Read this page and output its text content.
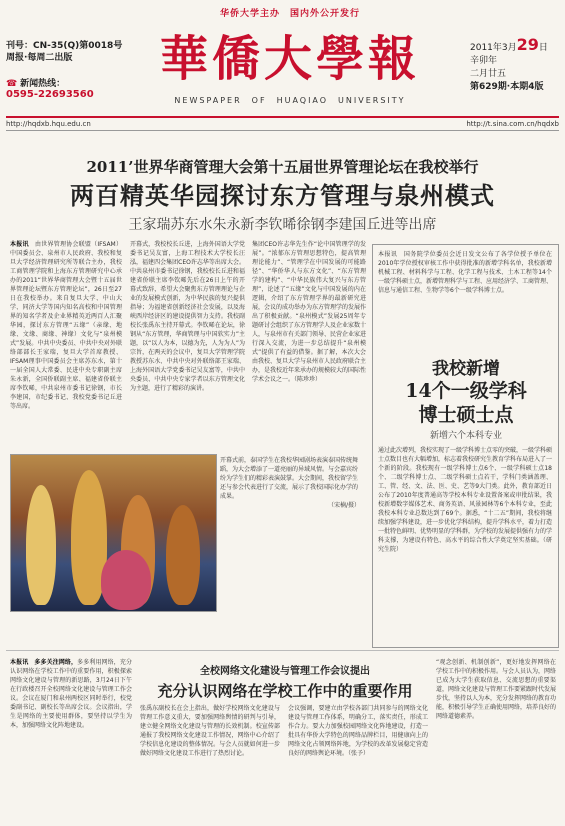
华侨大学主办　国内外公开发行
刊号：CN-35(Q)第0018号
周报·每周二出版
☎ 新闻热线：
0595-22693560
華僑大學報
NEWSPAPER　OF　HUAQIAO　UNIVERSITY
2011年3月29日
辛卯年
二月廿五
第629期·本期4版
http://hqdxb.hqu.edu.cn	http://t.sina.com.cn/hqdxb
2011’世界华商管理大会第十五届世界管理论坛在我校举行
两百精英华园探讨东方管理与泉州模式
王家瑞苏东水朱永新李钦晞徐钢李建国丘进等出席
本报讯　 由世界管理协会联盟（IFSAM）中国委员会、泉州市人民政府、我校和复旦大学经济管理研究所等联合主办，我校工商管理学院和上海东方管理研究中心承办的2011“世界华商管理大会暨十五届世界管理论坛暨东方管理论坛”，26日至27日在我校举办。来自复旦大学、中山大学、同济大学等国内知名高校和中国管理界的知名学者及企业界精英近两百人汇聚华园，探讨东方管理“五缘”（亲缘、地缘、文缘、商缘、神缘）文化与“泉州模式”发展。中共中央委员、中共中央对外联络部部长王家瑞，复旦大学首席教授、IFSAM理事中国委员会主席苏东水，第十一届全国人大常委、民进中央专职副主席朱永新，全国侨联副主席、福建省侨联主席李钦晞，中共泉州市委书记徐钢，市长李建国，市纪委书记、我校党委书记丘进等出席。
开幕式，我校校长丘进，上海外国语大学党委书记吴友富，上海工程技术大学校长汪泓，福建四会集团CEO许志华等出席大会。中共泉州市委书记徐钢，我校校长丘进和福建省侨联主席李钦晞先后在26日上午的开幕式致辞，希望大会聚焦东方管理理论与企业的发展模式创新，为中华民族的复兴提供指导；为福建省创新经济社会发展，以及海峡西岸经济区的建设提供智力支持。我校副校长张禹东主持开幕式。李钦晞在论坛，徐钢从“东方管理，华商管理与中国软实力”主题，以“以人为本，以德为先，人为为人”为宗旨，在两天的会议中，复旦大学管理学院教授苏东水、中共中央对外联络部王家瑞、上海外国语大学党委书记吴友富等，中共中央委员、中共中央专家学者以东方管理文化为主题，进行了精彩的演讲。
集团CEO许志华先生作“论中国管理学的发展”。“浓郁东方管理思想特色，提高管理理论能力”、“管理学在中国发展的可能路径”、“华侨华人与东方文化”、“东方管理学的建构”、“中华民族伟大复兴与东方管理”，论述了“五缘”文化与中国发展的内在逻辑，介绍了东方管理学界的最新研究进展，会议的成功举办为东方管理学的发展作出了积极贡献。“泉州模式”发展25周年专题研讨会组织了东方管理学人及企业家数十人，与泉州市有关部门领导、民营企业家进行深入交流，为进一步总结提升“泉州模式”提供了有益的借鉴。据了解，本次大会由我校、复旦大学与泉州市人民政府联合主办，是我校近年来承办的规模较大的国际性学术会议之一。（陈珍珍）
开幕式前，泰国学生在我校华园剧场表演泰国传统舞蹈，为大会增添了一道亮丽的异域风情。与会嘉宾纷纷为学生们的精彩表演鼓掌。大会期间，我校留学生还与参会代表进行了交流，展示了我校国际化办学的成果。
（宋楠/摄）
本报讯　国务院学位委员会近日发文公布了各学位授予单位在2010年学位授权审核工作中获得批准的新增学科名单，我校新增机械工程、材料科学与工程、化学工程与技术、土木工程等14个一级学科硕士点，新增管理科学与工程、应用经济学、工商管理、信息与通信工程、生物学等6个一级学科博士点。
我校新增
14个一级学科
博士硕士点
新增六个本科专业
通过此次增列，我校实现了一级学科博士点零的突破，一级学科硕士点数目也有大幅增加，标志着我校研究生教育学科布局进入了一个新的阶段。我校现有一级学科博士点6个、一级学科硕士点18个、二级学科博士点、二级学科硕士点若干，学科门类涵盖理、工、管、经、文、法、医、史、艺等9大门类。此外，教育部近日公布了2010年度普通高等学校本科专业设置备案或审批结果，我校新增数字媒体艺术、商务英语、风景园林等6个本科专业，至此我校本科专业总数达到了69个。据悉，“十二五”期间，我校将继续加强学科建设，进一步优化学科结构，提升学科水平，着力打造一批特色鲜明、优势明显的学科群，为学校的发展提供强有力的学科支撑，为建设有特色、高水平的综合性大学奠定坚实基础。（研究生院）
全校网络文化建设与管理工作会议提出
充分认识网络在学校工作中的重要作用
本报讯　多多关注网络，多多利用网络，充分认识网络在学校工作中的重要作用，积极探索网络文化建设与管理的新思路，3月24日下午在行政楼召开全校网络文化建设与管理工作会议。会议在厦门和泉州两校区同时举行，校党委副书记、副校长等出席会议。会议指出，学生是网络的主要使用群体，要坚持以学生为本，加强网络文化阵地建设。
张禹东副校长在会上指出，做好学校网络文化建设与管理工作意义重大，要加强网络舆情的研判与引导，建立健全网络文化建设与管理的长效机制。校宣传部通报了我校网络文化建设工作情况，网络中心介绍了学校信息化建设的整体情况。与会人员就如何进一步做好网络文化建设工作进行了热烈讨论。
会议强调，要建立由学校各部门共同参与的网络文化建设与管理工作体系，明确分工，落实责任，形成工作合力。要大力加强校园网络文化阵地建设，打造一批具有华侨大学特色的网络品牌栏目，用健康向上的网络文化占领网络阵地，为学校的改革发展稳定营造良好的网络舆论环境。（张予）
“观念创新、机制创新”，更好地发挥网络在学校工作中的积极作用。与会人员认为，网络已成为大学生获取信息、交流思想的重要渠道，网络文化建设与管理工作要紧跟时代发展步伐，坚持以人为本，充分发挥网络的教育功能，积极引导学生正确使用网络，培养良好的网络道德素养。
